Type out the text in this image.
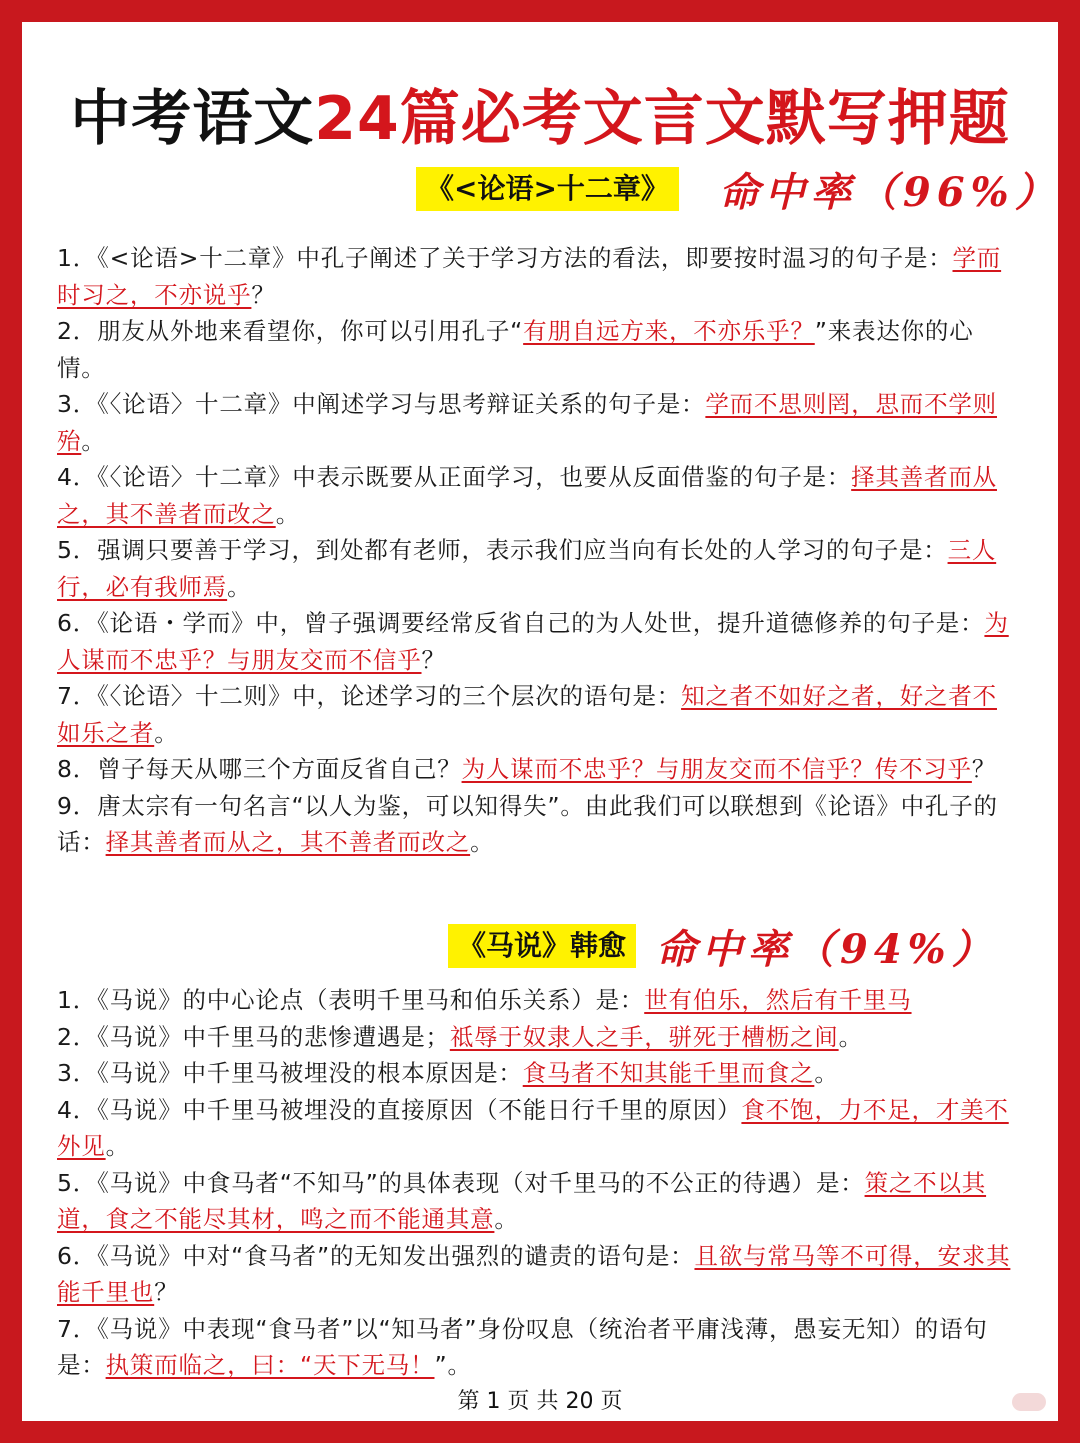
中考语文24篇必考文言文默写押题
《<论语>十二章》 命中率（96%）

1．《<论语>十二章》中孔子阐述了关于学习方法的看法，即要按时温习的句子是：学而时习之，不亦说乎？

2．朋友从外地来看望你，你可以引用孔子“有朋自远方来，不亦乐乎？”来表达你的心情。

3．《〈论语〉十二章》中阐述学习与思考辩证关系的句子是：学而不思则罔，思而不学则殆。

4．《〈论语〉十二章》中表示既要从正面学习，也要从反面借鉴的句子是：择其善者而从之，其不善者而改之。

5．强调只要善于学习，到处都有老师，表示我们应当向有长处的人学习的句子是：三人行，必有我师焉。

6．《论语・学而》中，曾子强调要经常反省自己的为人处世，提升道德修养的句子是：为人谋而不忠乎？与朋友交而不信乎？

7．《〈论语〉十二则》中，论述学习的三个层次的语句是：知之者不如好之者，好之者不如乐之者。

8．曾子每天从哪三个方面反省自己？为人谋而不忠乎？与朋友交而不信乎？传不习乎？

9．唐太宗有一句名言“以人为鉴，可以知得失”。由此我们可以联想到《论语》中孔子的话：择其善者而从之，其不善者而改之。

《马说》韩愈 命中率（94%）

1．《马说》的中心论点（表明千里马和伯乐关系）是：世有伯乐，然后有千里马

2．《马说》中千里马的悲惨遭遇是；祗辱于奴隶人之手，骈死于槽枥之间。

3．《马说》中千里马被埋没的根本原因是：食马者不知其能千里而食之。

4．《马说》中千里马被埋没的直接原因（不能日行千里的原因）食不饱，力不足，才美不外见。

5．《马说》中食马者“不知马”的具体表现（对千里马的不公正的待遇）是：策之不以其道，食之不能尽其材，鸣之而不能通其意。

6．《马说》中对“食马者”的无知发出强烈的谴责的语句是：且欲与常马等不可得，安求其能千里也？

7．《马说》中表现“食马者”以“知马者”身份叹息（统治者平庸浅薄，愚妄无知）的语句是：执策而临之，曰：“天下无马！”。

第 1 页 共 20 页
